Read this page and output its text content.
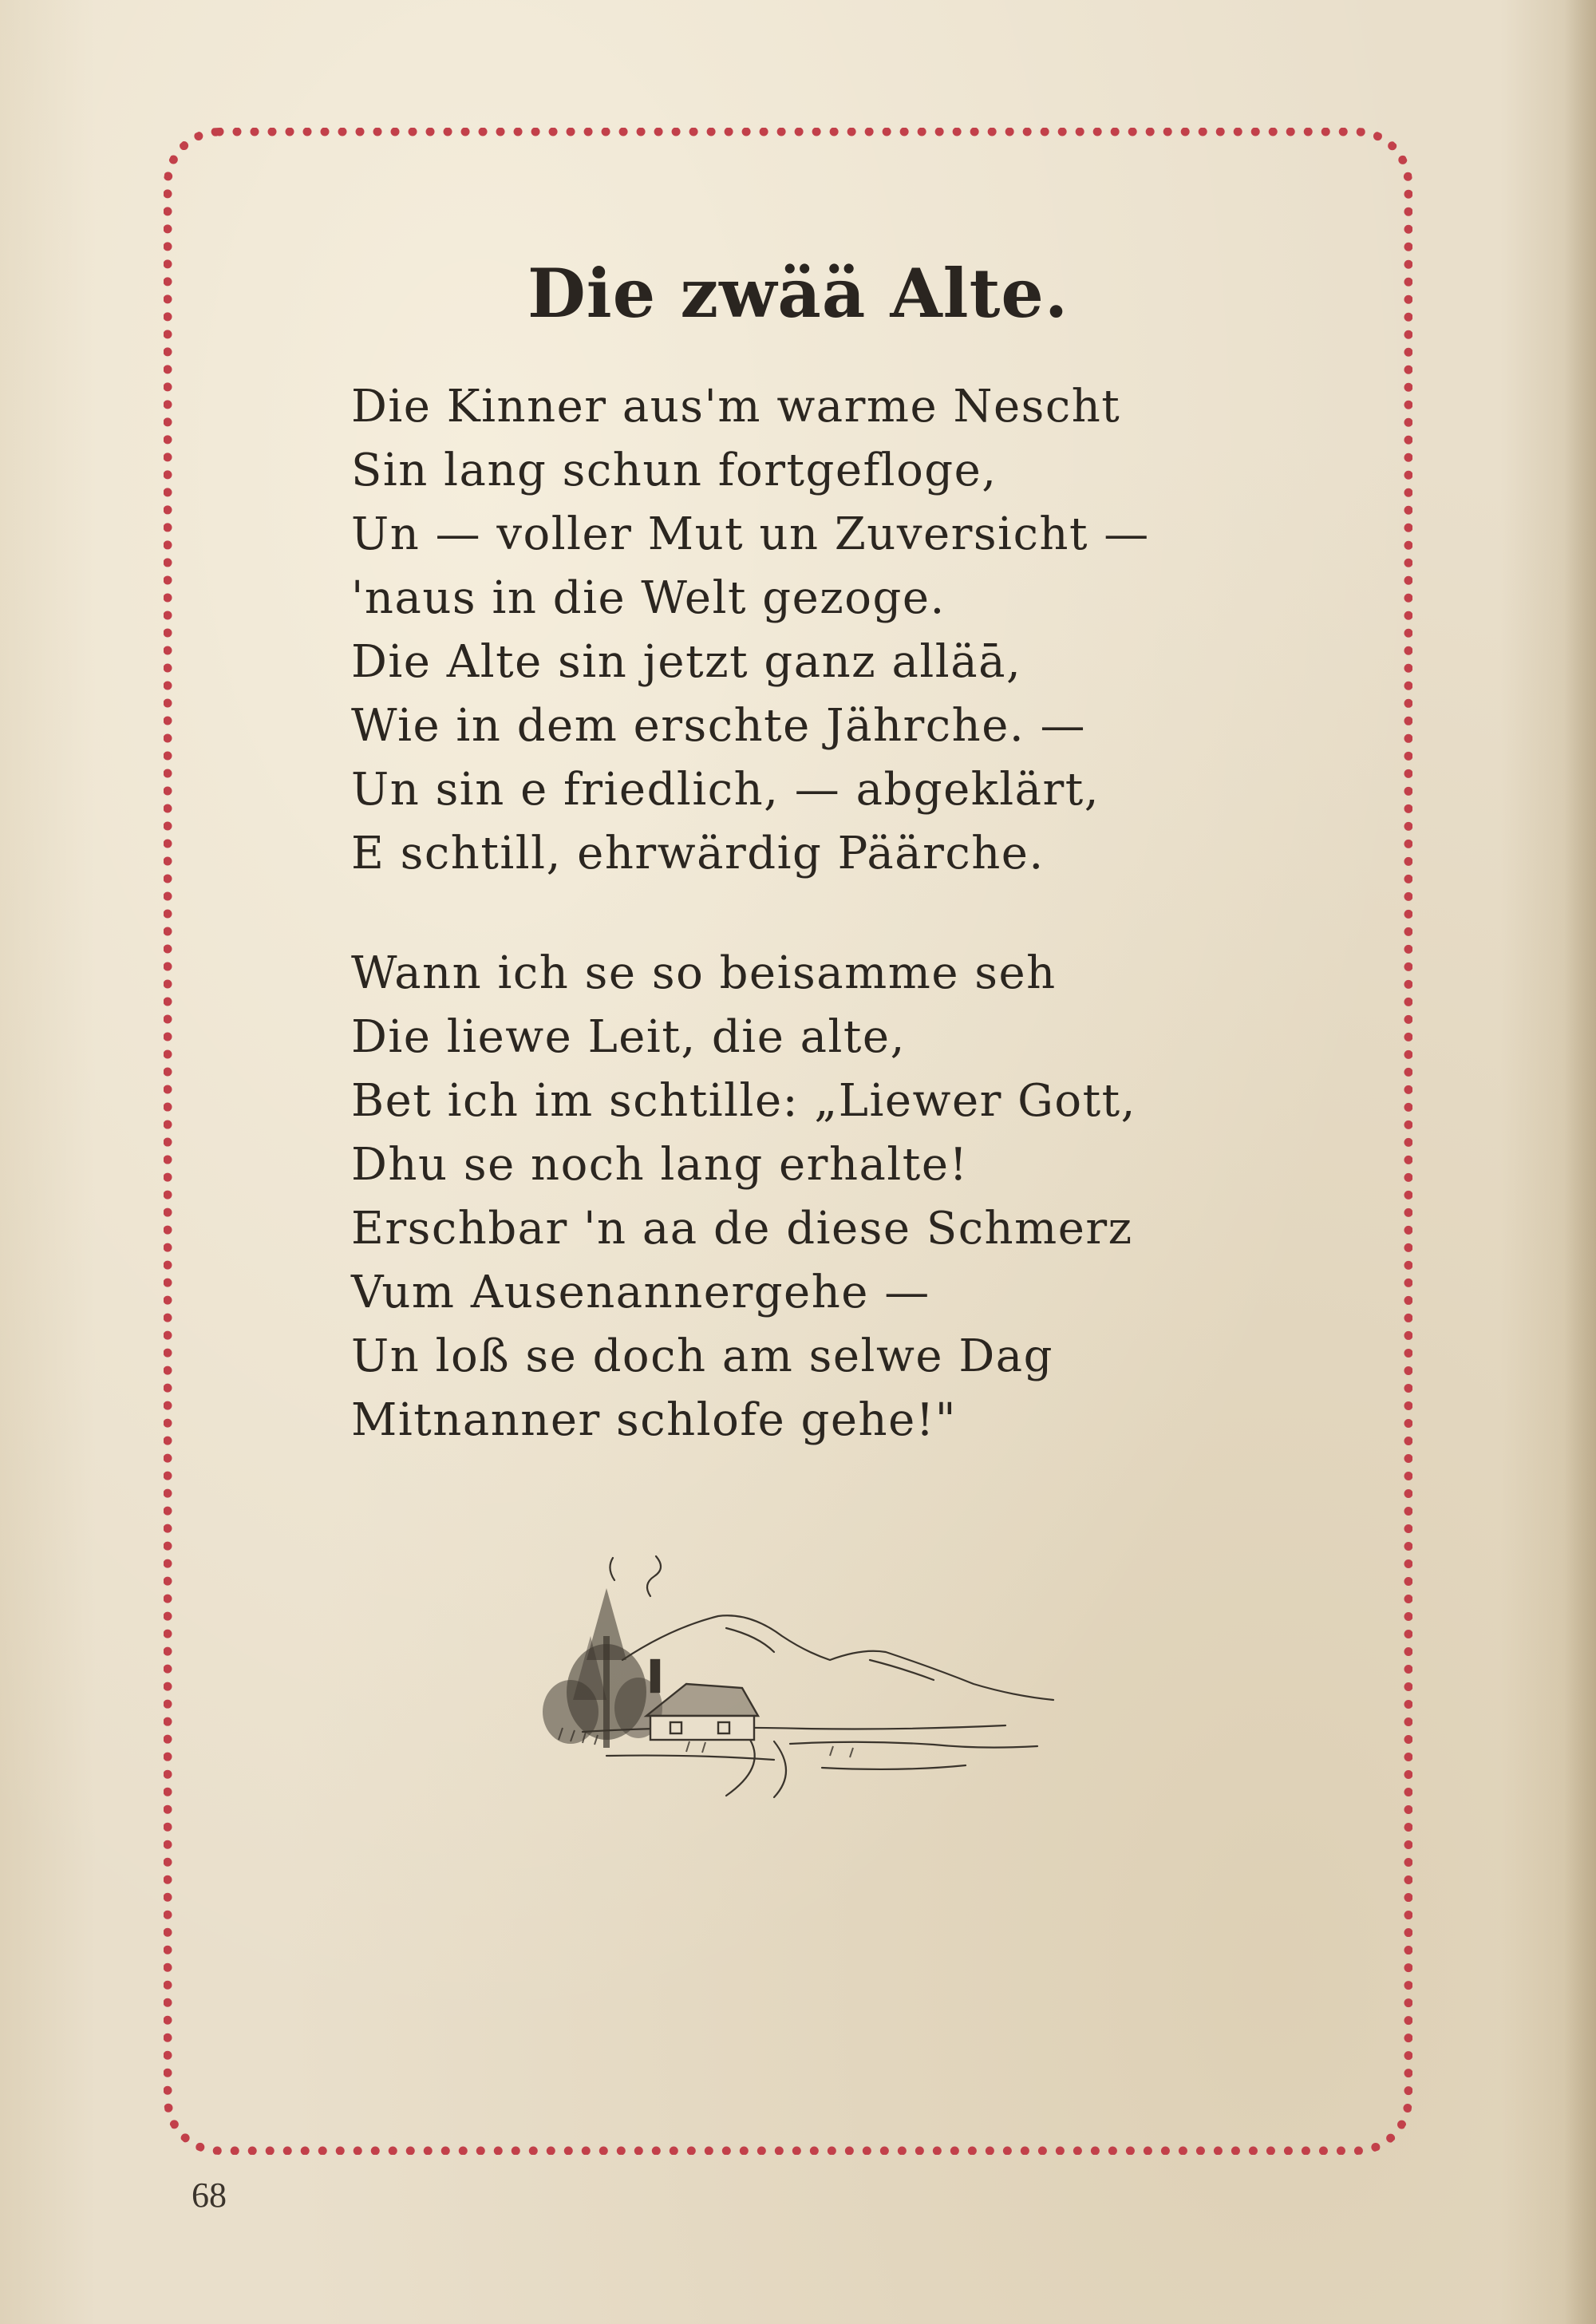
Die zwää Alte.
Die Kinner aus'm warme Nescht
Sin lang schun fortgefloge,
Un — voller Mut un Zuversicht —
'naus in die Welt gezoge.
Die Alte sin jetzt ganz alläā,
Wie in dem erschte Jährche. —
Un sin e friedlich, — abgeklärt,
E schtill, ehrwärdig Päärche.
Wann ich se so beisamme seh
Die liewe Leit, die alte,
Bet ich im schtille: „Liewer Gott,
Dhu se noch lang erhalte!
Erschbar 'n aa de diese Schmerz
Vum Ausenannergehe —
Un loß se doch am selwe Dag
Mitnanner schlofe gehe!"
68
